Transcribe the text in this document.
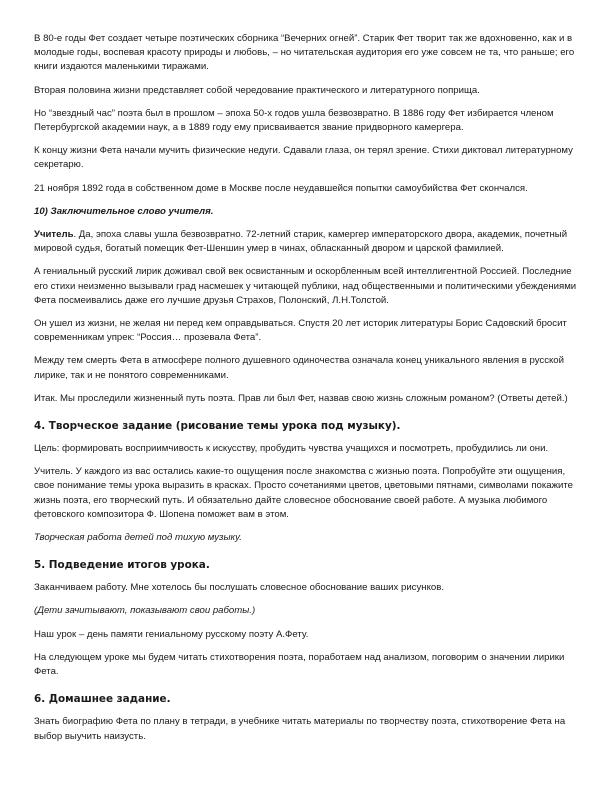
В 80-е годы Фет создает четыре поэтических сборника “Вечерних огней”. Старик Фет творит так же вдохновенно, как и в молодые годы, воспевая красоту природы и любовь, – но читательская аудитория его уже совсем не та, что раньше; его книги издаются маленькими тиражами.

Вторая половина жизни представляет собой чередование практического и литературного поприща.

Но “звездный час” поэта был в прошлом – эпоха 50-х годов ушла безвозвратно. В 1886 году Фет избирается членом Петербургской академии наук, а в 1889 году ему присваивается звание придворного камергера.

К концу жизни Фета начали мучить физические недуги. Сдавали глаза, он терял зрение. Стихи диктовал литературному секретарю.

21 ноября 1892 года в собственном доме в Москве после неудавшейся попытки самоубийства Фет скончался.

10) Заключительное слово учителя.

Учитель. Да, эпоха славы ушла безвозвратно. 72-летний старик, камергер императорского двора, академик, почетный мировой судья, богатый помещик Фет-Шеншин умер в чинах, обласканный двором и царской фамилией.

А гениальный русский лирик доживал свой век освистанным и оскорбленным всей интеллигентной Россией. Последние его стихи неизменно вызывали град насмешек у читающей публики, над общественными и политическими убеждениями Фета посмеивались даже его лучшие друзья Страхов, Полонский, Л.Н.Толстой.

Он ушел из жизни, не желая ни перед кем оправдываться. Спустя 20 лет историк литературы Борис Садовский бросит современникам упрек: “Россия… прозевала Фета”.

Между тем смерть Фета в атмосфере полного душевного одиночества означала конец уникального явления в русской лирике, так и не понятого современниками.

Итак. Мы проследили жизненный путь поэта. Прав ли был Фет, назвав свою жизнь сложным романом? (Ответы детей.)

4. Творческое задание (рисование темы урока под музыку).

Цель: формировать восприимчивость к искусству, пробудить чувства учащихся и посмотреть, пробудились ли они.

Учитель. У каждого из вас остались какие-то ощущения после знакомства с жизнью поэта. Попробуйте эти ощущения, свое понимание темы урока выразить в красках. Просто сочетаниями цветов, цветовыми пятнами, символами покажите жизнь поэта, его творческий путь. И обязательно дайте словесное обоснование своей работе. А музыка любимого фетовского композитора Ф. Шопена поможет вам в этом.

Творческая работа детей под тихую музыку.

5. Подведение итогов урока.

Заканчиваем работу. Мне хотелось бы послушать словесное обоснование ваших рисунков.

(Дети зачитывают, показывают свои работы.)

Наш урок – день памяти гениальному русскому поэту А.Фету.

На следующем уроке мы будем читать стихотворения поэта, поработаем над анализом, поговорим о значении лирики Фета.

6. Домашнее задание.

Знать биографию Фета по плану в тетради, в учебнике читать материалы по творчеству поэта, стихотворение Фета на выбор выучить наизусть.
